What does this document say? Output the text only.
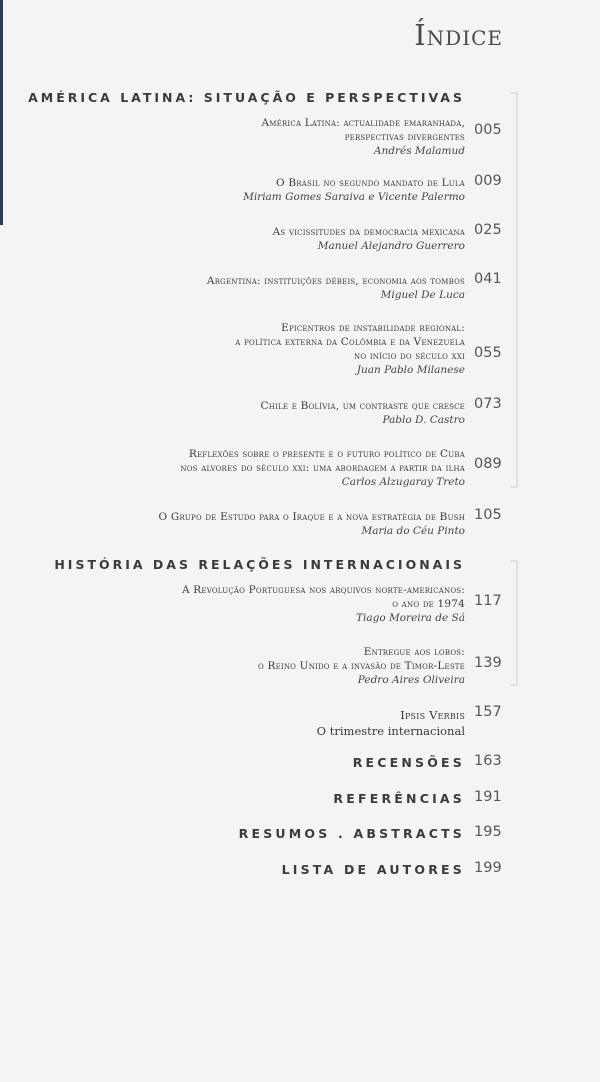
Índice
AMÉRICA LATINA: SITUAÇÃO E PERSPECTIVAS
América Latina: actualidade emaranhada,
perspectivas divergentes
Andrés Malamud
005
O Brasil no segundo mandato de Lula
Miriam Gomes Saraiva e Vicente Palermo
009
As vicissitudes da democracia mexicana
Manuel Alejandro Guerrero
025
Argentina: instituições débeis, economia aos tombos
Miguel De Luca
041
Epicentros de instabilidade regional:
a política externa da Colômbia e da Venezuela
no início do século xxi
Juan Pablo Milanese
055
Chile e Bolívia, um contraste que cresce
Pablo D. Castro
073
Reflexões sobre o presente e o futuro político de Cuba
nos alvores do século xxi: uma abordagem a partir da ilha
Carlos Alzugaray Treto
089
O Grupo de Estudo para o Iraque e a nova estratégia de Bush
Maria do Céu Pinto
105
HISTÓRIA DAS RELAÇÕES INTERNACIONAIS
A Revolução Portuguesa nos arquivos norte-americanos:
o ano de 1974
Tiago Moreira de Sá
117
Entregue aos lobos:
o Reino Unido e a invasão de Timor-Leste
Pedro Aires Oliveira
139
Ipsis Verbis
O trimestre internacional
157
RECENSÕES 163
REFERÊNCIAS 191
RESUMOS . ABSTRACTS 195
LISTA DE AUTORES 199
